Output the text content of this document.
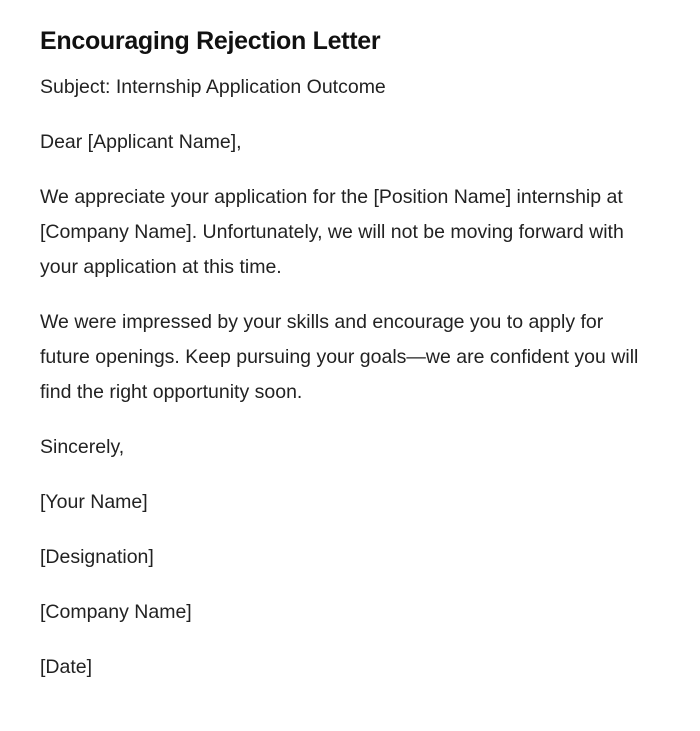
Encouraging Rejection Letter

Subject: Internship Application Outcome

Dear [Applicant Name],

We appreciate your application for the [Position Name] internship at [Company Name]. Unfortunately, we will not be moving forward with your application at this time.

We were impressed by your skills and encourage you to apply for future openings. Keep pursuing your goals—we are confident you will find the right opportunity soon.

Sincerely,

[Your Name]

[Designation]

[Company Name]

[Date]
